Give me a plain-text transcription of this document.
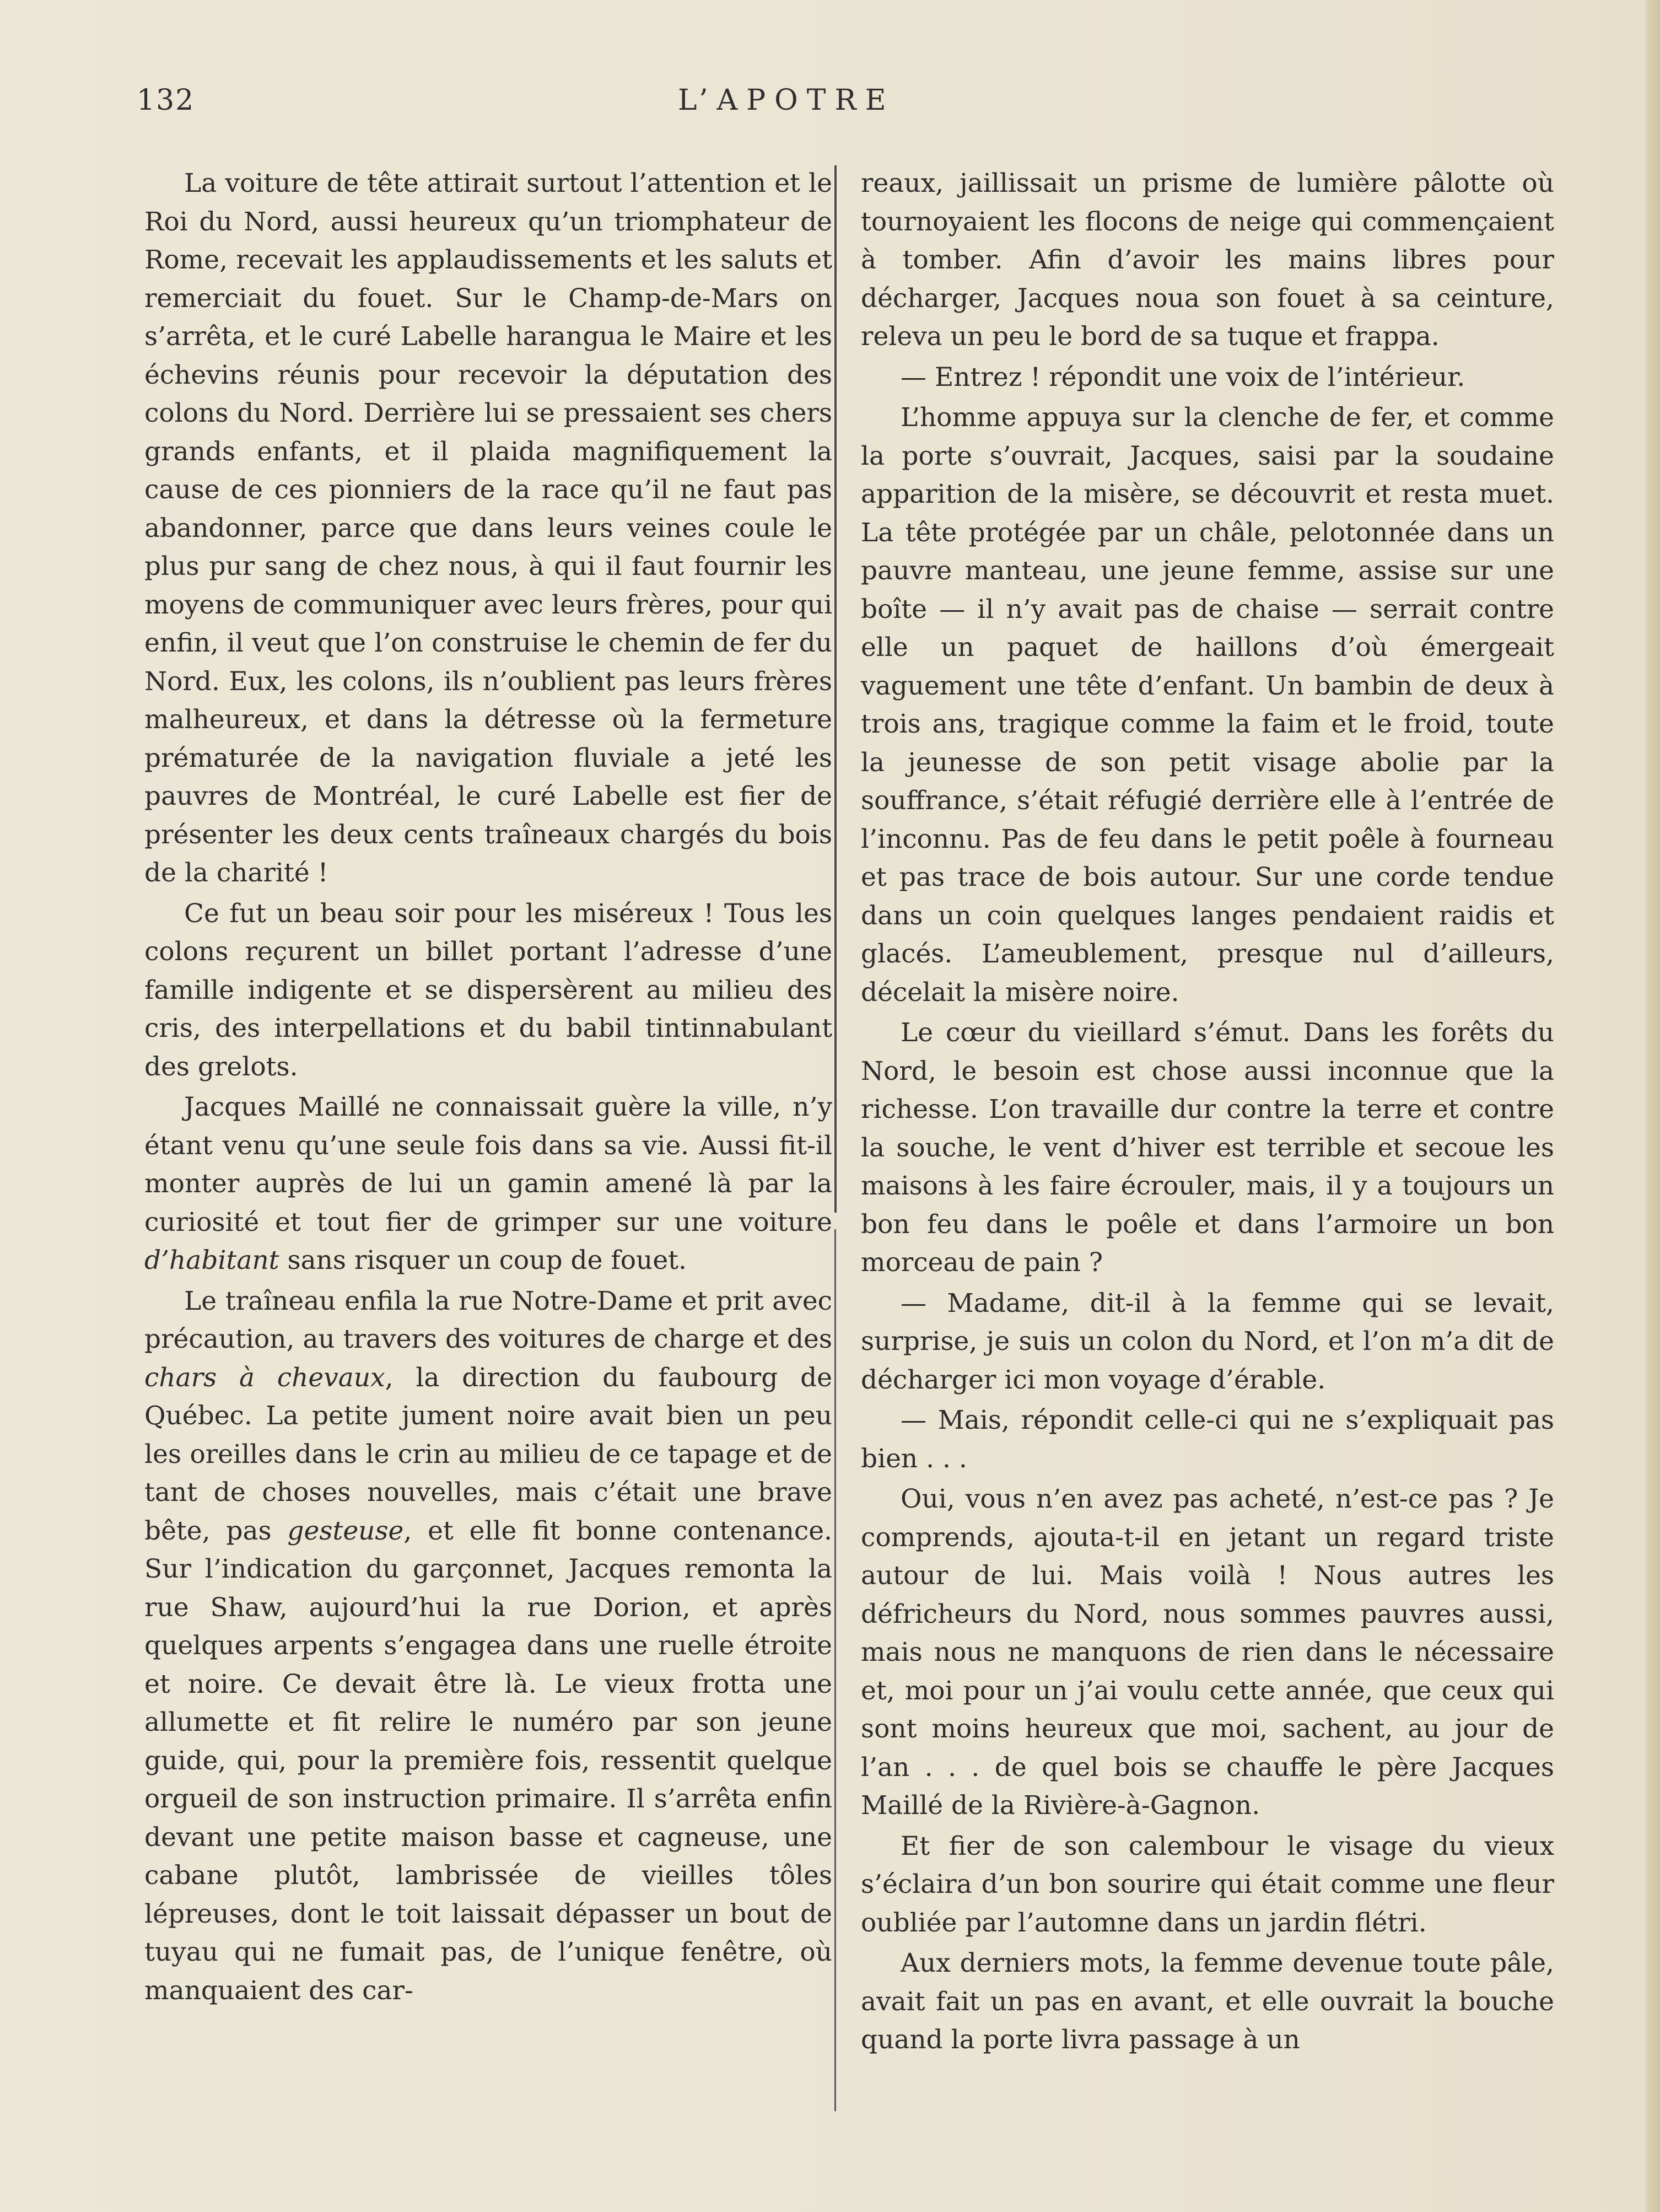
132	L’APOTRE

La voiture de tête attirait surtout l’attention et le Roi du Nord, aussi heureux qu’un triomphateur de Rome, recevait les applaudissements et les saluts et remerciait du fouet. Sur le Champ-de-Mars on s’arrêta, et le curé Labelle harangua le Maire et les échevins réunis pour recevoir la députation des colons du Nord. Derrière lui se pressaient ses chers grands enfants, et il plaida magnifiquement la cause de ces pionniers de la race qu’il ne faut pas abandonner, parce que dans leurs veines coule le plus pur sang de chez nous, à qui il faut fournir les moyens de communiquer avec leurs frères, pour qui enfin, il veut que l’on construise le chemin de fer du Nord. Eux, les colons, ils n’oublient pas leurs frères malheureux, et dans la détresse où la fermeture prématurée de la navigation fluviale a jeté les pauvres de Montréal, le curé Labelle est fier de présenter les deux cents traîneaux chargés du bois de la charité !

Ce fut un beau soir pour les miséreux ! Tous les colons reçurent un billet portant l’adresse d’une famille indigente et se dispersèrent au milieu des cris, des interpellations et du babil tintinnabulant des grelots.

Jacques Maillé ne connaissait guère la ville, n’y étant venu qu’une seule fois dans sa vie. Aussi fit-il monter auprès de lui un gamin amené là par la curiosité et tout fier de grimper sur une voiture d’habitant sans risquer un coup de fouet.

Le traîneau enfila la rue Notre-Dame et prit avec précaution, au travers des voitures de charge et des chars à chevaux, la direction du faubourg de Québec. La petite jument noire avait bien un peu les oreilles dans le crin au milieu de ce tapage et de tant de choses nouvelles, mais c’était une brave bête, pas gesteuse, et elle fit bonne contenance. Sur l’indication du garçonnet, Jacques remonta la rue Shaw, aujourd’hui la rue Dorion, et après quelques arpents s’engagea dans une ruelle étroite et noire. Ce devait être là. Le vieux frotta une allumette et fit relire le numéro par son jeune guide, qui, pour la première fois, ressentit quelque orgueil de son instruction primaire. Il s’arrêta enfin devant une petite maison basse et cagneuse, une cabane plutôt, lambrissée de vieilles tôles lépreuses, dont le toit laissait dépasser un bout de tuyau qui ne fumait pas, de l’unique fenêtre, où manquaient des car-

reaux, jaillissait un prisme de lumière pâlotte où tournoyaient les flocons de neige qui commençaient à tomber. Afin d’avoir les mains libres pour décharger, Jacques noua son fouet à sa ceinture, releva un peu le bord de sa tuque et frappa.

— Entrez ! répondit une voix de l’intérieur.

L’homme appuya sur la clenche de fer, et comme la porte s’ouvrait, Jacques, saisi par la soudaine apparition de la misère, se découvrit et resta muet. La tête protégée par un châle, pelotonnée dans un pauvre manteau, une jeune femme, assise sur une boîte — il n’y avait pas de chaise — serrait contre elle un paquet de haillons d’où émergeait vaguement une tête d’enfant. Un bambin de deux à trois ans, tragique comme la faim et le froid, toute la jeunesse de son petit visage abolie par la souffrance, s’était réfugié derrière elle à l’entrée de l’inconnu. Pas de feu dans le petit poêle à fourneau et pas trace de bois autour. Sur une corde tendue dans un coin quelques langes pendaient raidis et glacés. L’ameublement, presque nul d’ailleurs, décelait la misère noire.

Le cœur du vieillard s’émut. Dans les forêts du Nord, le besoin est chose aussi inconnue que la richesse. L’on travaille dur contre la terre et contre la souche, le vent d’hiver est terrible et secoue les maisons à les faire écrouler, mais, il y a toujours un bon feu dans le poêle et dans l’armoire un bon morceau de pain ?

— Madame, dit-il à la femme qui se levait, surprise, je suis un colon du Nord, et l’on m’a dit de décharger ici mon voyage d’érable.

— Mais, répondit celle-ci qui ne s’expliquait pas bien . . .

Oui, vous n’en avez pas acheté, n’est-ce pas ? Je comprends, ajouta-t-il en jetant un regard triste autour de lui. Mais voilà ! Nous autres les défricheurs du Nord, nous sommes pauvres aussi, mais nous ne manquons de rien dans le nécessaire et, moi pour un j’ai voulu cette année, que ceux qui sont moins heureux que moi, sachent, au jour de l’an . . . de quel bois se chauffe le père Jacques Maillé de la Rivière-à-Gagnon.

Et fier de son calembour le visage du vieux s’éclaira d’un bon sourire qui était comme une fleur oubliée par l’automne dans un jardin flétri.

Aux derniers mots, la femme devenue toute pâle, avait fait un pas en avant, et elle ouvrait la bouche quand la porte livra passage à un
